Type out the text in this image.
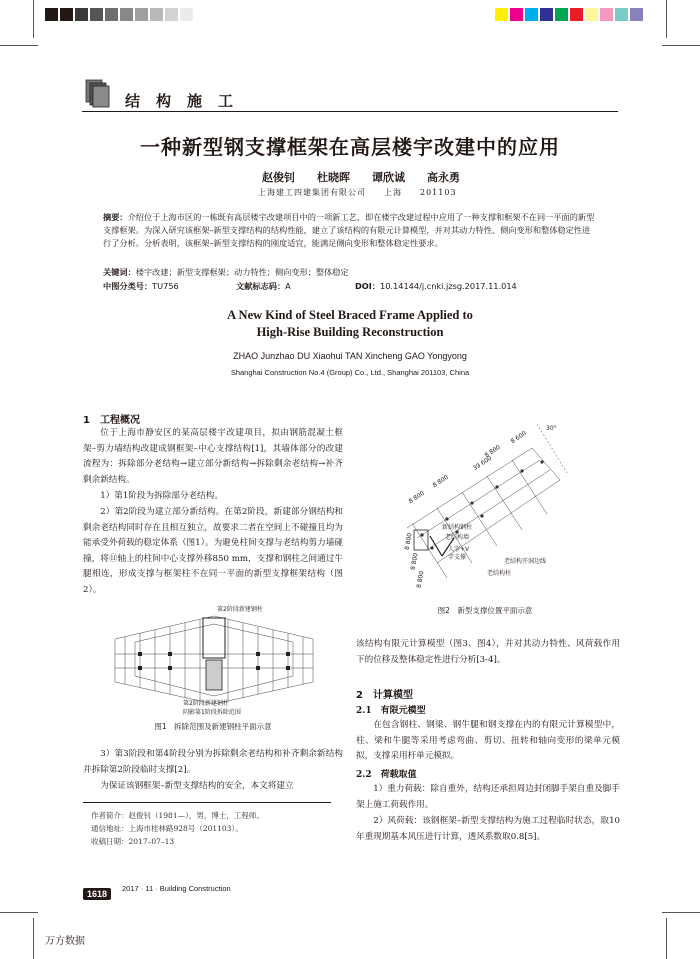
结构施工
一种新型钢支撑框架在高层楼宇改建中的应用
赵俊钊　　杜晓晖　　谭欣诚　　高永勇
上海建工四建集团有限公司　　上海　　201103
摘要：介绍位于上海市区的一栋既有高层楼宇改建项目中的一项新工艺，即在楼宇改建过程中应用了一种支撑和框架不在同一平面的新型支撑框架。为深入研究该框架–新型支撑结构的结构性能，建立了该结构的有限元计算模型，并对其动力特性、侧向变形和整体稳定性进行了分析。分析表明，该框架–新型支撑结构的刚度适宜，能满足侧向变形和整体稳定性要求。
关键词：楼宇改建；新型支撑框架；动力特性；侧向变形；整体稳定
中图分类号：TU756	文献标志码：A	DOI：10.14144/j.cnki.jzsg.2017.11.014
A New Kind of Steel Braced Frame Applied to
High-Rise Building Reconstruction
ZHAO Junzhao DU Xiaohui TAN Xincheng GAO Yongyong
Shanghai Construction No.4 (Group) Co., Ltd., Shanghai 201103, China
1　工程概况
位于上海市静安区的某高层楼宇改建项目，拟由钢筋混凝土框架–剪力墙结构改建成钢框架–中心支撑结构[1]，其墙体部分的改建流程为：拆除部分老结构→建立部分新结构→拆除剩余老结构→补齐剩余新结构。
1）第1阶段为拆除部分老结构。
2）第2阶段为建立部分新结构。在第2阶段，新建部分钢结构和剩余老结构同时存在且相互独立，故要求二者在空间上不碰撞且均为能承受外荷载的稳定体系（图1）。为避免柱间支撑与老结构剪力墙碰撞，将⑪轴上的柱间中心支撑外移850 mm，支撑和钢柱之间通过牛腿相连，形成支撑与框架柱不在同一平面的新型支撑框架结构（图2）。
第2阶段新建钢柱
第2阶段新建钢柱
阴影第1阶段拆除范围
图1　拆除范围及新建钢柱平面示意
3）第3阶段和第4阶段分别为拆除剩余老结构和补齐剩余新结构并拆除第2阶段临时支撑[2]。
为保证该钢框架–新型支撑结构的安全，本文将建立
作者简介：赵俊钊（1981—），男，博士，工程师。
通信地址：上海市桂林路928号（201103）。
收稿日期：2017–07–13
新结构钢柱
老结构墙
人字+V
字支撑
老结构开洞边线
老结构柱
30°
8 800
8 800
39 600
8 800
8 600
8 800
8 800
8 800
图2　新型支撑位置平面示意
该结构有限元计算模型（图3、图4），并对其动力特性、风荷载作用下的位移及整体稳定性进行分析[3-4]。
2　计算模型
2.1　有限元模型
在包含钢柱、钢梁、钢牛腿和钢支撑在内的有限元计算模型中，柱、梁和牛腿等采用考虑弯曲、剪切、扭转和轴向变形的梁单元模拟，支撑采用杆单元模拟。
2.2　荷载取值
1）重力荷载：除自重外，结构还承担周边封闭脚手架自重及脚手架上施工荷载作用。
2）风荷载：该钢框架–新型支撑结构为施工过程临时状态，取10年重现期基本风压进行计算，透风系数取0.8[5]。
1618
2017 · 11 · Building Construction
万方数据
